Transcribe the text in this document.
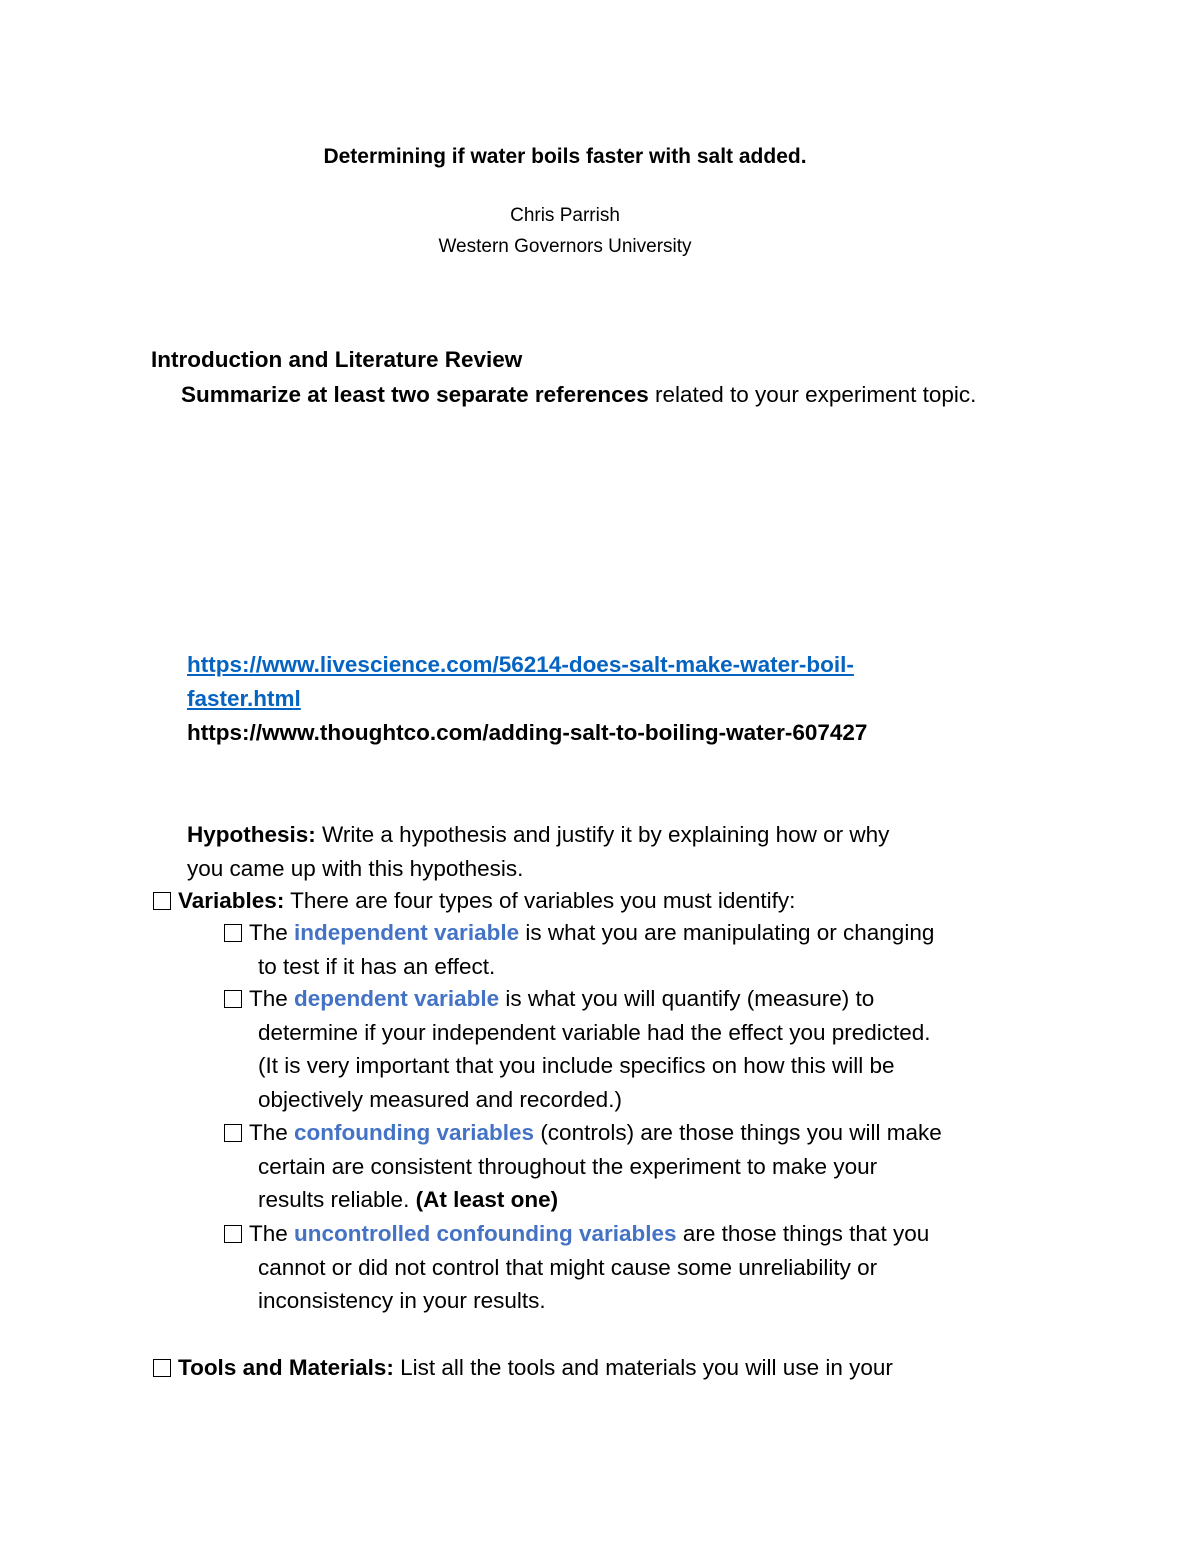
Determining if water boils faster with salt added.
Chris Parrish
Western Governors University
Introduction and Literature Review
Summarize at least two separate references related to your experiment topic.
https://www.livescience.com/56214-does-salt-make-water-boil-
faster.html
https://www.thoughtco.com/adding-salt-to-boiling-water-607427
Hypothesis: Write a hypothesis and justify it by explaining how or why
you came up with this hypothesis.
Variables: There are four types of variables you must identify:
The independent variable is what you are manipulating or changing
to test if it has an effect.
The dependent variable is what you will quantify (measure) to
determine if your independent variable had the effect you predicted.
(It is very important that you include specifics on how this will be
objectively measured and recorded.)
The confounding variables (controls) are those things you will make
certain are consistent throughout the experiment to make your
results reliable. (At least one)
The uncontrolled confounding variables are those things that you
cannot or did not control that might cause some unreliability or
inconsistency in your results.
Tools and Materials: List all the tools and materials you will use in your
